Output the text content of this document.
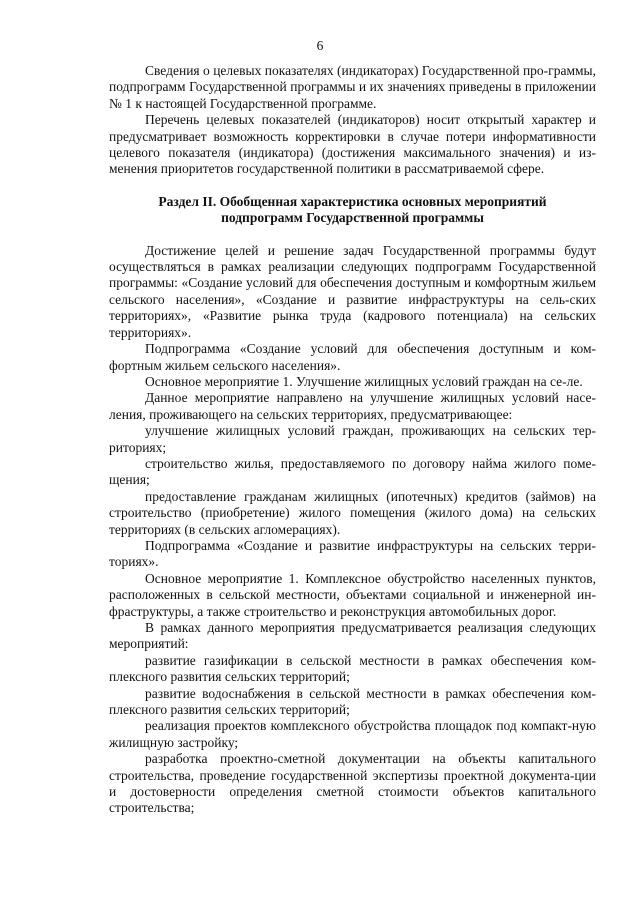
6

Сведения о целевых показателях (индикаторах) Государственной про-граммы, подпрограмм Государственной программы и их значениях приведены в приложении № 1 к настоящей Государственной программе.

Перечень целевых показателей (индикаторов) носит открытый характер и предусматривает возможность корректировки в случае потери информативности целевого показателя (индикатора) (достижения максимального значения) и из-менения приоритетов государственной политики в рассматриваемой сфере.

Раздел II. Обобщенная характеристика основных мероприятий
подпрограмм Государственной программы

Достижение целей и решение задач Государственной программы будут осуществляться в рамках реализации следующих подпрограмм Государственной программы: «Создание условий для обеспечения доступным и комфортным жильем сельского населения», «Создание и развитие инфраструктуры на сель-ских территориях», «Развитие рынка труда (кадрового потенциала) на сельских территориях».

Подпрограмма «Создание условий для обеспечения доступным и ком-фортным жильем сельского населения».

Основное мероприятие 1. Улучшение жилищных условий граждан на се-ле.

Данное мероприятие направлено на улучшение жилищных условий насе-ления, проживающего на сельских территориях, предусматривающее:

улучшение жилищных условий граждан, проживающих на сельских тер-риториях;

строительство жилья, предоставляемого по договору найма жилого поме-щения;

предоставление гражданам жилищных (ипотечных) кредитов (займов) на строительство (приобретение) жилого помещения (жилого дома) на сельских территориях (в сельских агломерациях).

Подпрограмма «Создание и развитие инфраструктуры на сельских терри-ториях».

Основное мероприятие 1. Комплексное обустройство населенных пунктов, расположенных в сельской местности, объектами социальной и инженерной ин-фраструктуры, а также строительство и реконструкция автомобильных дорог.

В рамках данного мероприятия предусматривается реализация следующих мероприятий:

развитие газификации в сельской местности в рамках обеспечения ком-плексного развития сельских территорий;

развитие водоснабжения в сельской местности в рамках обеспечения ком-плексного развития сельских территорий;

реализация проектов комплексного обустройства площадок под компакт-ную жилищную застройку;

разработка проектно-сметной документации на объекты капитального строительства, проведение государственной экспертизы проектной документа-ции и достоверности определения сметной стоимости объектов капитального строительства;
